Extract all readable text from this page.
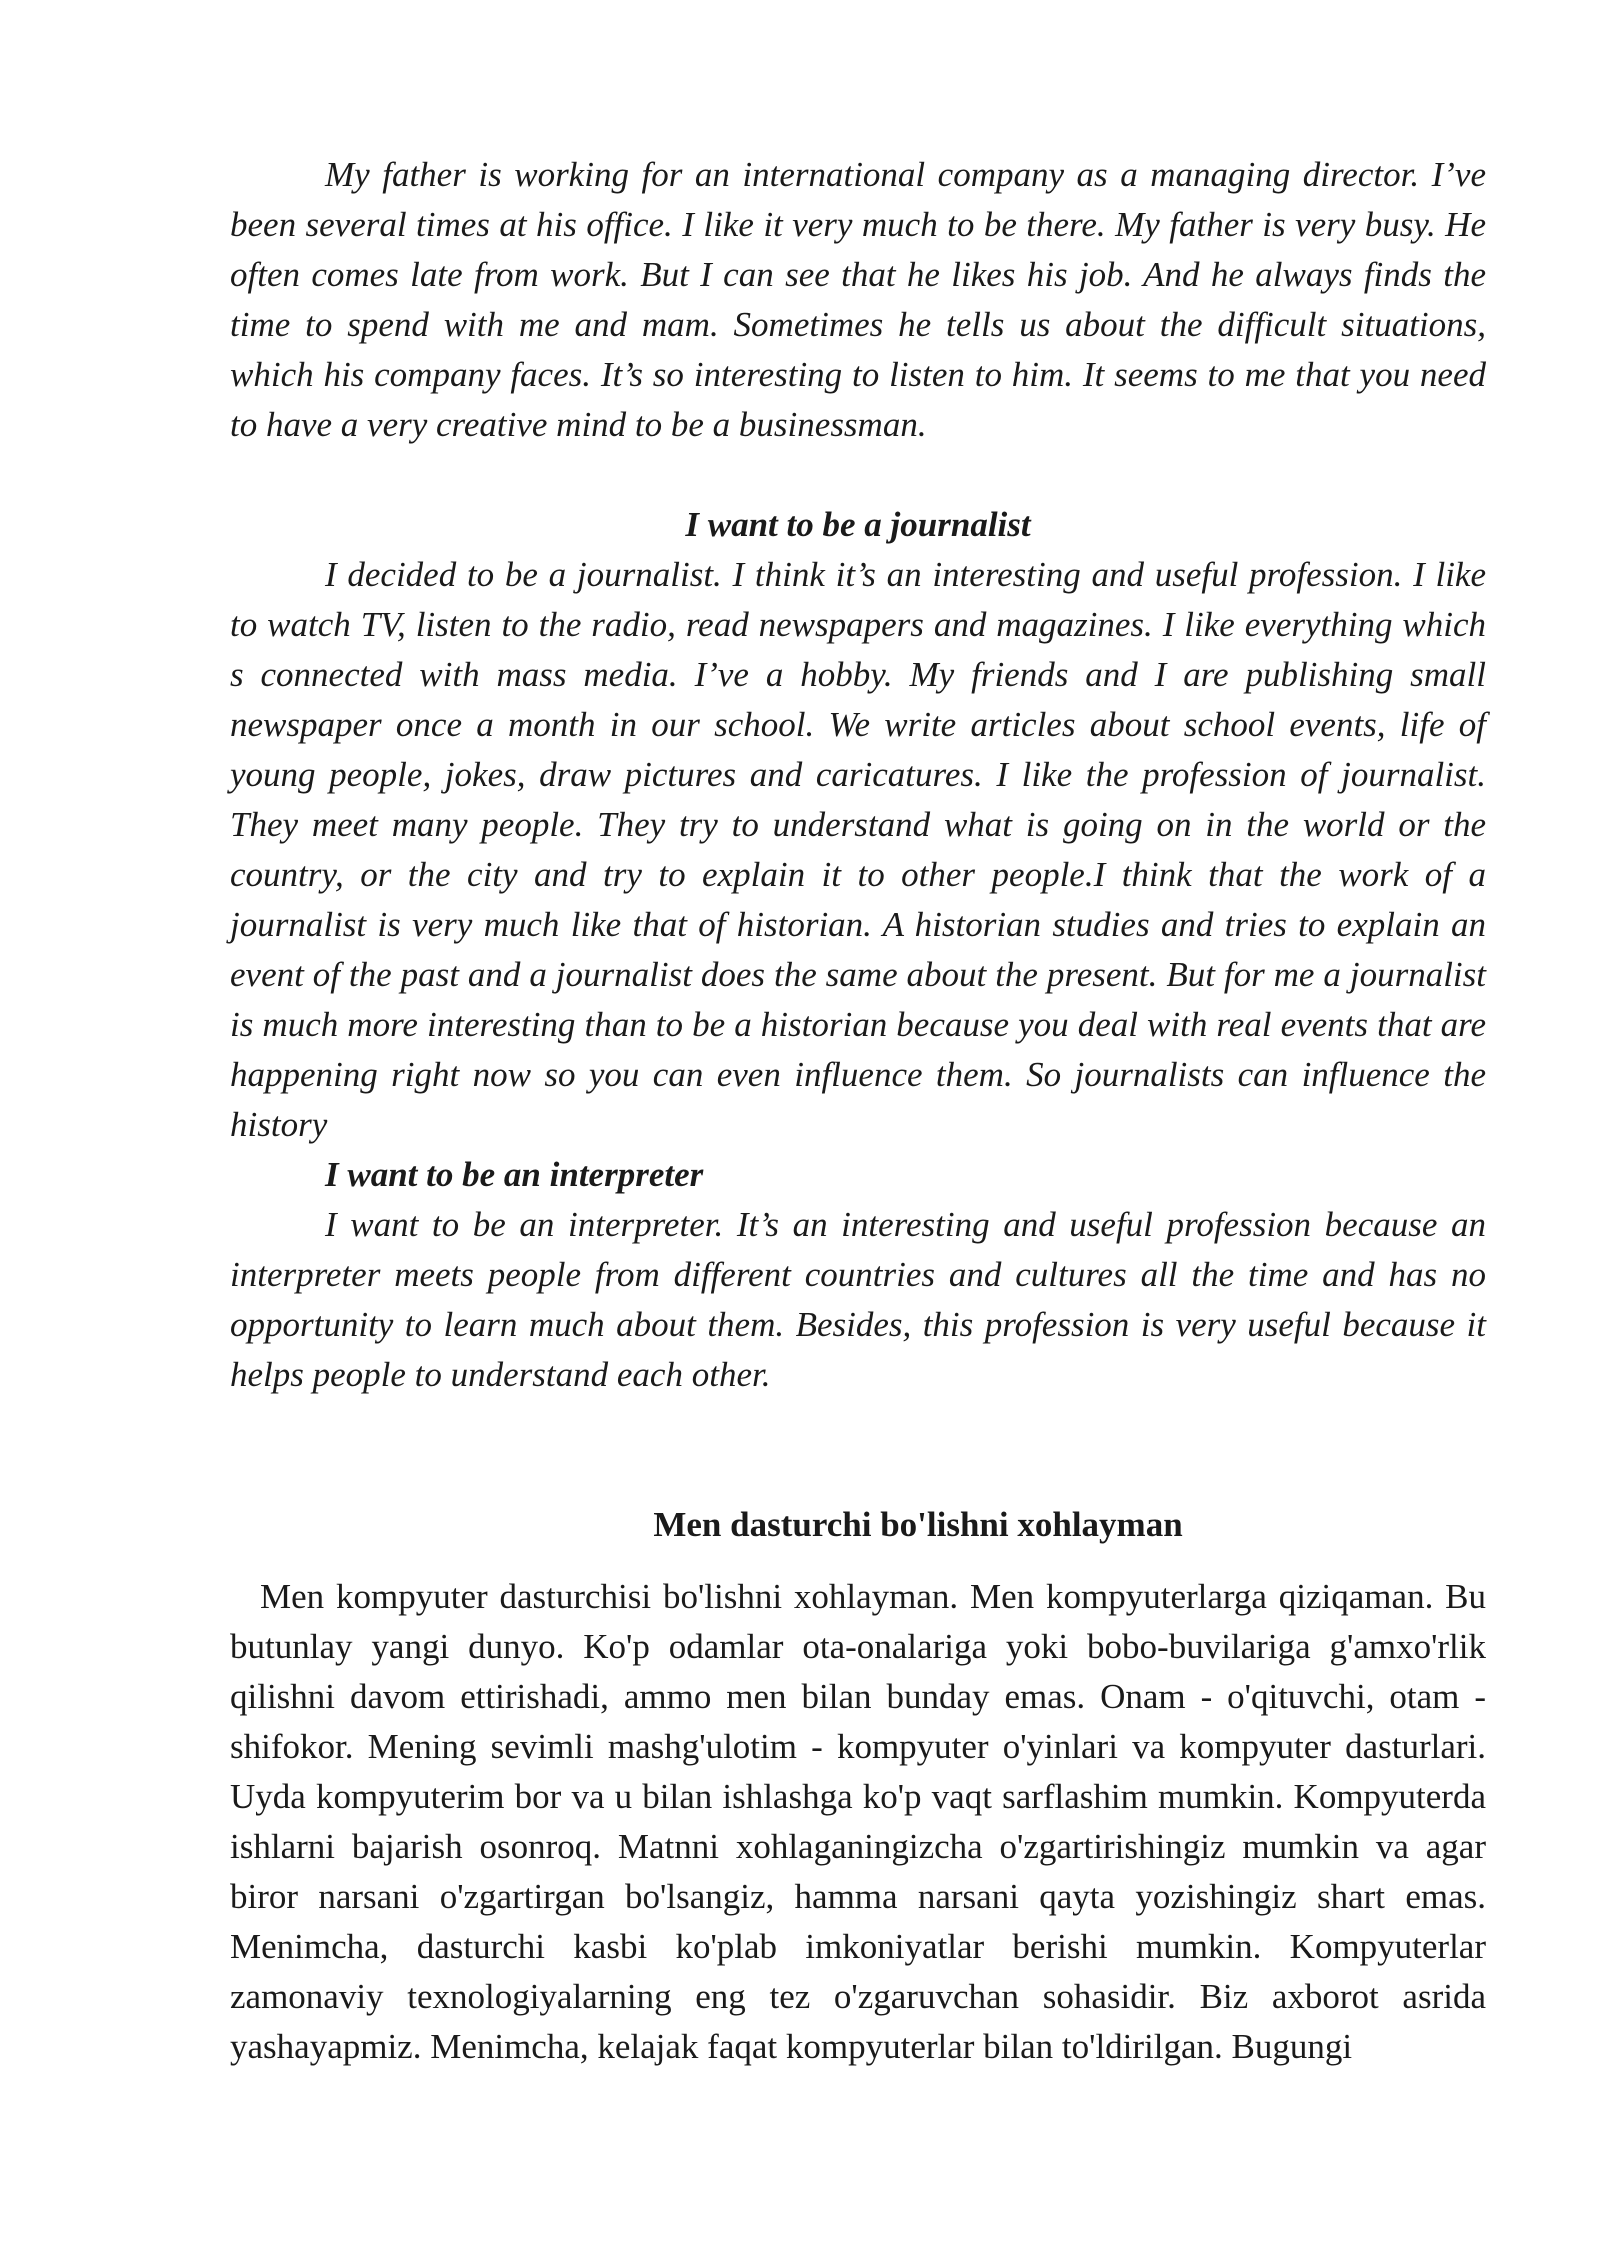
My father is working for an international company as a managing director. I’ve been several times at his office. I like it very much to be there. My father is very busy. He often comes late from work. But I can see that he likes his job. And he always finds the time to spend with me and mam. Sometimes he tells us about the difficult situations, which his company faces. It’s so interesting to listen to him. It seems to me that you need to have a very creative mind to be a businessman.

I want to be a journalist

I decided to be a journalist. I think it’s an interesting and useful profession. I like to watch TV, listen to the radio, read newspapers and magazines. I like everything which s connected with mass media. I’ve a hobby. My friends and I are publishing small newspaper once a month in our school. We write articles about school events, life of young people, jokes, draw pictures and caricatures. I like the profession of journalist. They meet many people. They try to understand what is going on in the world or the country, or the city and try to explain it to other people.I think that the work of a journalist is very much like that of historian. A historian studies and tries to explain an event of the past and a journalist does the same about the present. But for me a journalist is much more interesting than to be a historian because you deal with real events that are happening right now so you can even influence them. So journalists can influence the history

I want to be an interpreter

I want to be an interpreter. It’s an interesting and useful profession because an interpreter meets people from different countries and cultures all the time and has no opportunity to learn much about them. Besides, this profession is very useful because it helps people to understand each other.

Men dasturchi bo'lishni xohlayman

Men kompyuter dasturchisi bo'lishni xohlayman. Men kompyuterlarga qiziqaman. Bu butunlay yangi dunyo. Ko'p odamlar ota-onalariga yoki bobo-buvilariga g'amxo'rlik qilishni davom ettirishadi, ammo men bilan bunday emas. Onam - o'qituvchi, otam - shifokor. Mening sevimli mashg'ulotim - kompyuter o'yinlari va kompyuter dasturlari. Uyda kompyuterim bor va u bilan ishlashga ko'p vaqt sarflashim mumkin. Kompyuterda ishlarni bajarish osonroq. Matnni xohlaganingizcha o'zgartirishingiz mumkin va agar biror narsani o'zgartirgan bo'lsangiz, hamma narsani qayta yozishingiz shart emas. Menimcha, dasturchi kasbi ko'plab imkoniyatlar berishi mumkin. Kompyuterlar zamonaviy texnologiyalarning eng tez o'zgaruvchan sohasidir. Biz axborot asrida yashayapmiz. Menimcha, kelajak faqat kompyuterlar bilan to'ldirilgan. Bugungi
